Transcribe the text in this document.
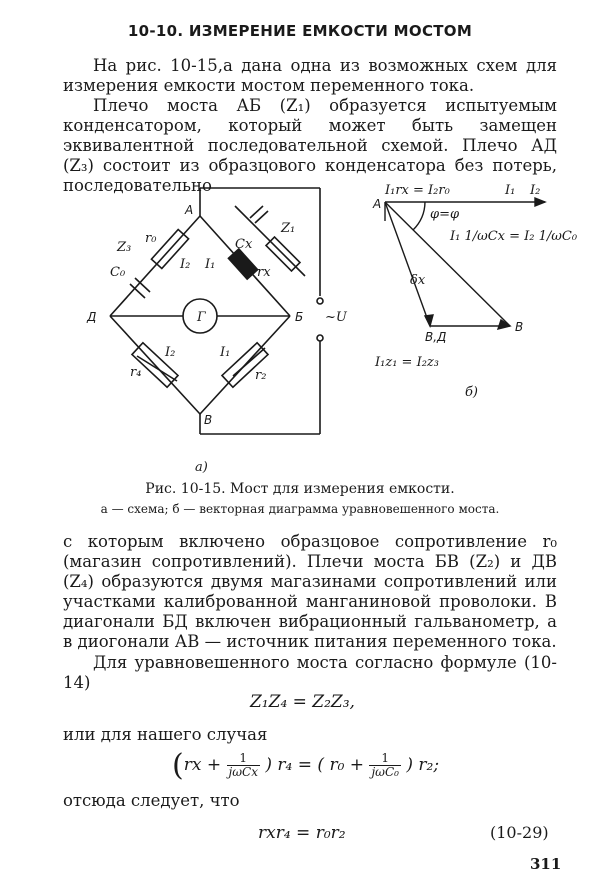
10-10. ИЗМЕРЕНИЕ ЕМКОСТИ МОСТОМ

На рис. 10-15,а дана одна из возможных схем для измерения емкости мостом переменного тока.

Плечо моста АБ (Z₁) образуется испытуемым конденсатором, который может быть замещен эквивалентной последовательной схемой. Плечо АД (Z₃) состоит из образцового конденсатора без потерь, последовательно

А
Б
В
Д	Г	~U
Z₁
Z₃	Cx
rx
r₀
C₀
I₁
I₂
I₂	I₁
r₄	r₂
а)
I₁rx = I₂r₀	I₁ I₂
A
φ=φ
I₁ 1/ωCx = I₂ 1/ωC₀
δx
В,Д
В
I₁z₁ = I₂z₃
б)
Рис. 10-15. Мост для измерения емкости.
а — схема; б — векторная диаграмма уравновешенного моста.

с которым включено образцовое сопротивление r₀ (магазин сопротивлений). Плечи моста БВ (Z₂) и ДВ (Z₄) образуются двумя магазинами сопротивлений или участками калиброванной манганиновой проволоки. В диагонали БД включен вибрационный гальванометр, а в диогонали АВ — источник питания переменного тока.

Для уравновешенного моста согласно формуле (10-14)

Z₁Z₄ = Z₂Z₃,

или для нашего случая

($rx + \frac{1}{\text{jωCx}}$ ) r₄ = ( $r_0 + \frac{1}{\text{jωC₀}}$ ) r₂;

отсюда следует, что

rxr₄ = r₀r₂	(10-29)
311
